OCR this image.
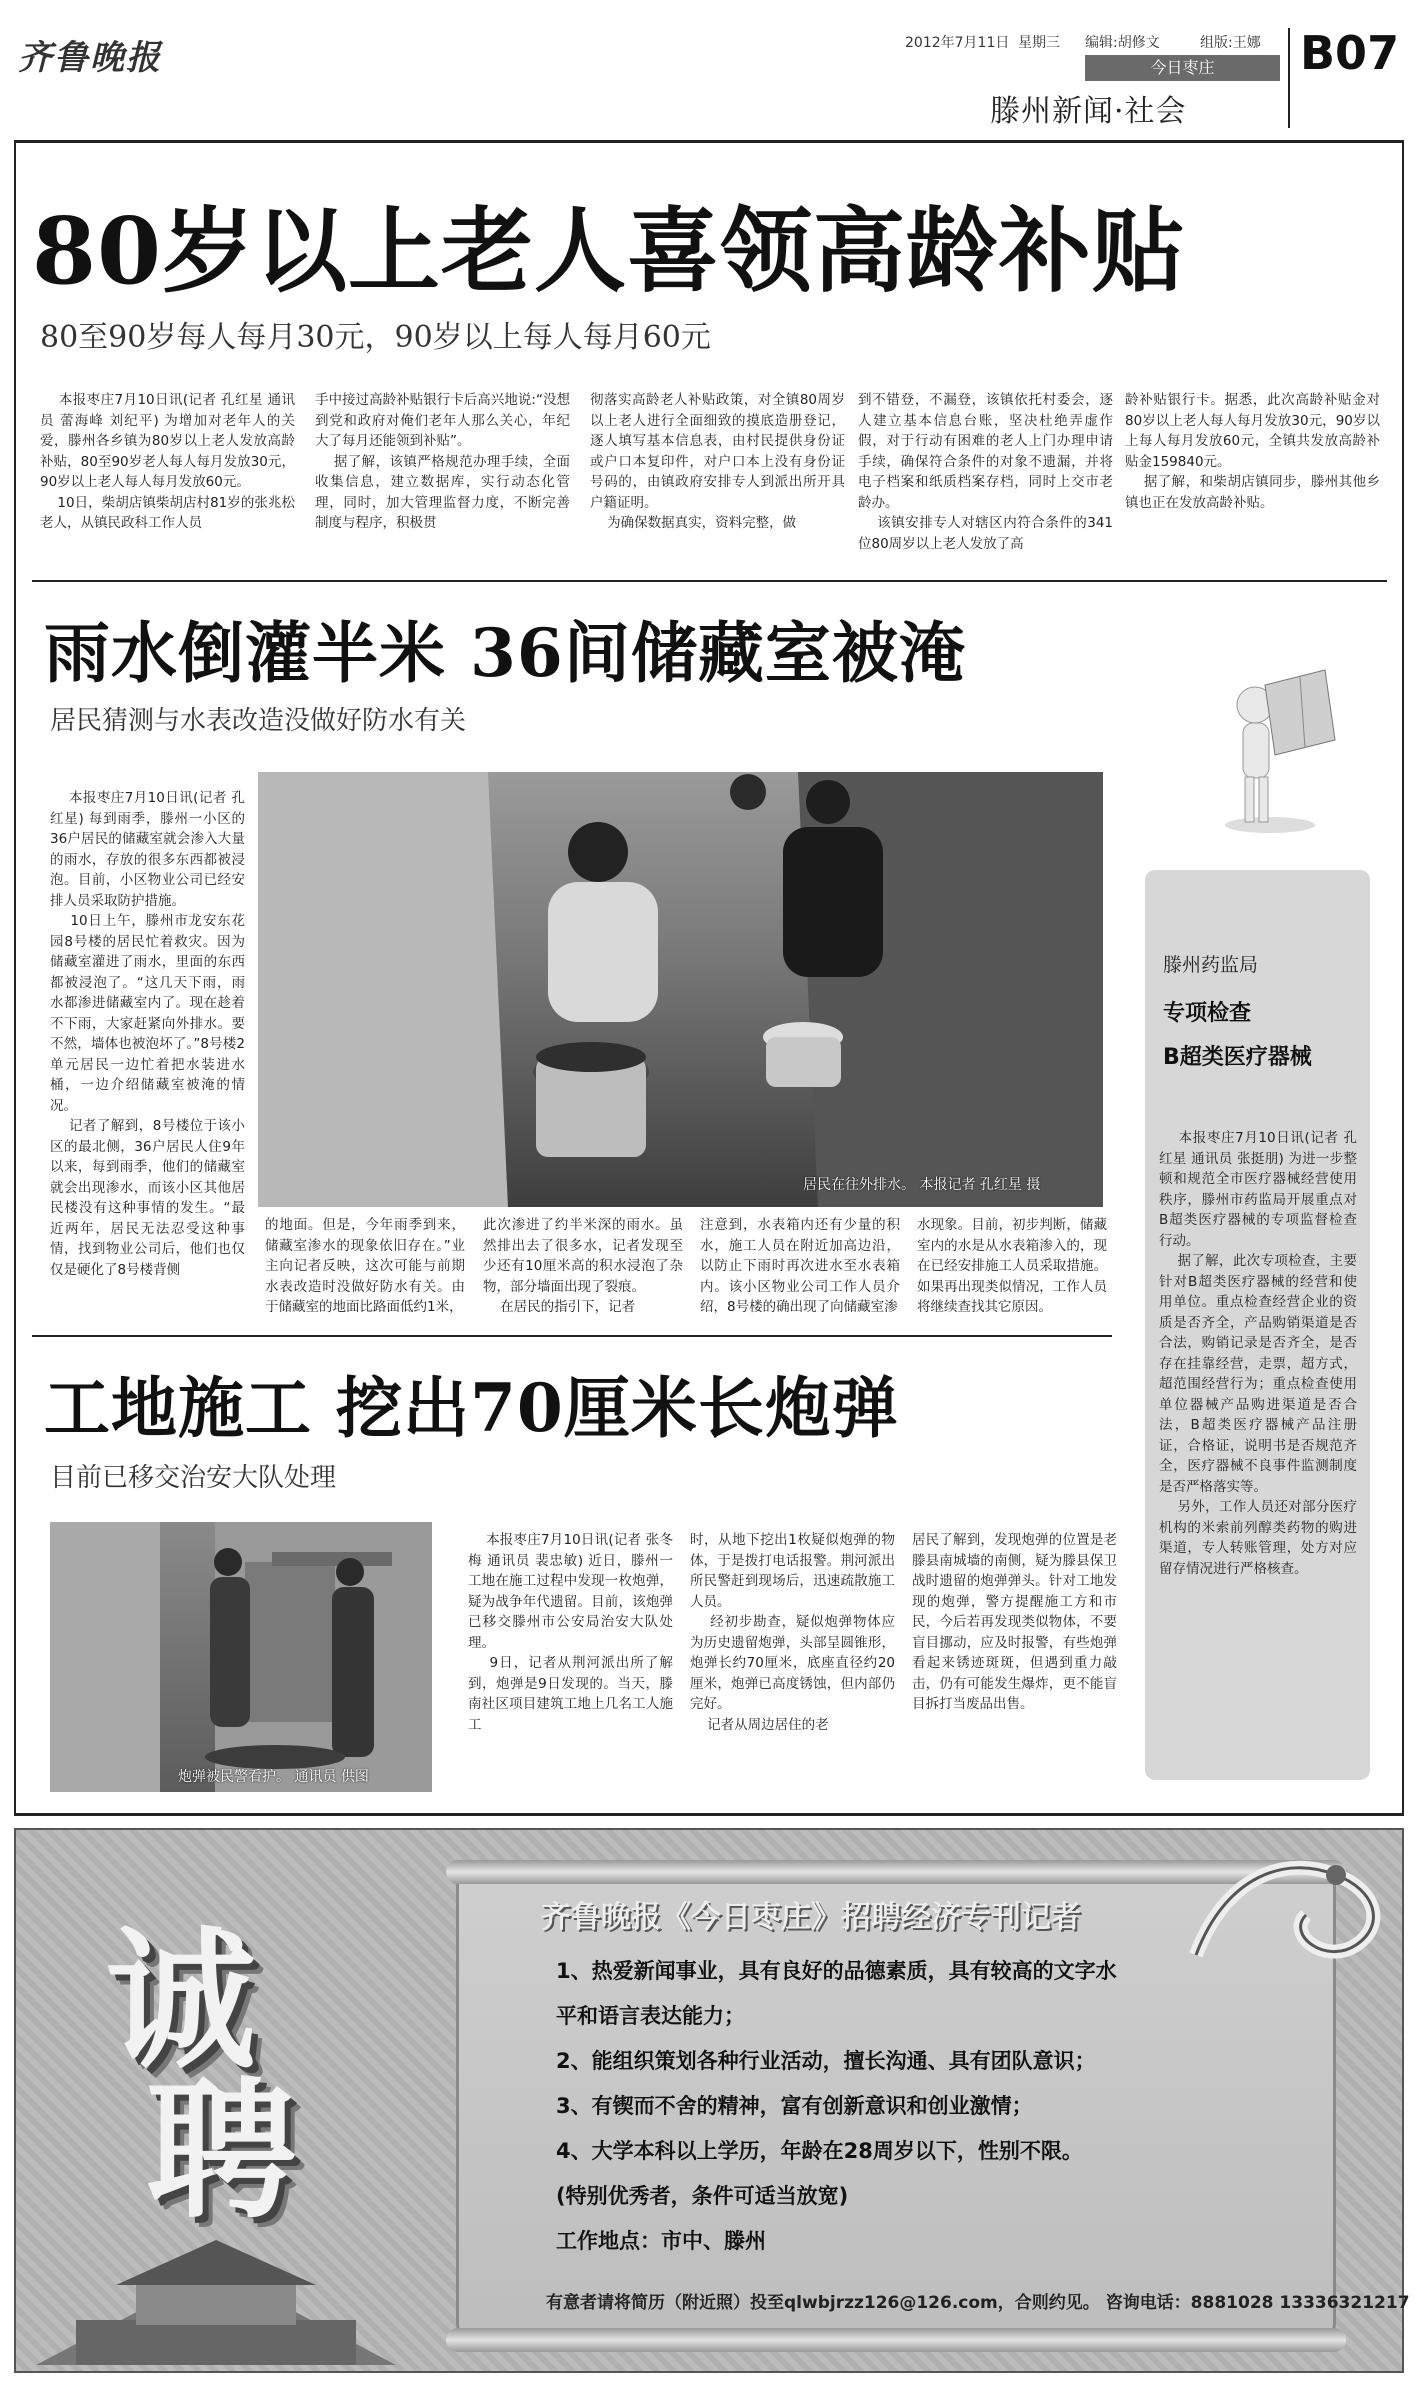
齐鲁晚报	2012年7月11日 星期三 编辑:胡修文	组版:王娜
今日枣庄
滕州新闻·社会
B07
80岁以上老人喜领高龄补贴
80至90岁每人每月30元，90岁以上每人每月60元
本报枣庄7月10日讯(记者 孔红星 通讯员 蕾海峰 刘纪平) 为增加对老年人的关爱，滕州各乡镇为80岁以上老人发放高龄补贴，80至90岁老人每人每月发放30元，90岁以上老人每人每月发放60元。
10日，柴胡店镇柴胡店村81岁的张兆松老人，从镇民政科工作人员
手中接过高龄补贴银行卡后高兴地说:“没想到党和政府对俺们老年人那么关心，年纪大了每月还能领到补贴”。
据了解，该镇严格规范办理手续，全面收集信息，建立数据库，实行动态化管理，同时，加大管理监督力度，不断完善制度与程序，积极贯
彻落实高龄老人补贴政策，对全镇80周岁以上老人进行全面细致的摸底造册登记，逐人填写基本信息表，由村民提供身份证或户口本复印件，对户口本上没有身份证号码的，由镇政府安排专人到派出所开具户籍证明。
为确保数据真实，资料完整，做
到不错登，不漏登，该镇依托村委会，逐人建立基本信息台账，坚决杜绝弄虚作假，对于行动有困难的老人上门办理申请手续，确保符合条件的对象不遗漏，并将电子档案和纸质档案存档，同时上交市老龄办。
该镇安排专人对辖区内符合条件的341位80周岁以上老人发放了高
龄补贴银行卡。据悉，此次高龄补贴金对80岁以上老人每人每月发放30元，90岁以上每人每月发放60元，全镇共发放高龄补贴金159840元。
据了解，和柴胡店镇同步，滕州其他乡镇也正在发放高龄补贴。
雨水倒灌半米 36间储藏室被淹
居民猜测与水表改造没做好防水有关
本报枣庄7月10日讯(记者 孔红星) 每到雨季，滕州一小区的36户居民的储藏室就会渗入大量的雨水，存放的很多东西都被浸泡。目前，小区物业公司已经安排人员采取防护措施。
10日上午，滕州市龙安东花园8号楼的居民忙着救灾。因为储藏室灌进了雨水，里面的东西都被浸泡了。“这几天下雨，雨水都渗进储藏室内了。现在趁着不下雨，大家赶紧向外排水。要不然，墙体也被泡坏了。”8号楼2单元居民一边忙着把水装进水桶，一边介绍储藏室被淹的情况。
记者了解到，8号楼位于该小区的最北侧，36户居民人住9年以来，每到雨季，他们的储藏室就会出现渗水，而该小区其他居民楼没有这种事情的发生。“最近两年，居民无法忍受这种事情，找到物业公司后，他们也仅仅是硬化了8号楼背侧
居民在往外排水。 本报记者 孔红星 摄
的地面。但是，今年雨季到来，储藏室渗水的现象依旧存在。”业主向记者反映，这次可能与前期水表改造时没做好防水有关。由于储藏室的地面比路面低约1米，
此次渗进了约半米深的雨水。虽然排出去了很多水，记者发现至少还有10厘米高的积水浸泡了杂物，部分墙面出现了裂痕。
在居民的指引下，记者
注意到，水表箱内还有少量的积水，施工人员在附近加高边沿，以防止下雨时再次进水至水表箱内。该小区物业公司工作人员介绍，8号楼的确出现了向储藏室渗
水现象。目前，初步判断，储藏室内的水是从水表箱渗入的，现在已经安排施工人员采取措施。如果再出现类似情况，工作人员将继续查找其它原因。
滕州药监局
专项检查
B超类医疗器械
本报枣庄7月10日讯(记者 孔红星 通讯员 张挺朋) 为进一步整顿和规范全市医疗器械经营使用秩序，滕州市药监局开展重点对B超类医疗器械的专项监督检查行动。
据了解，此次专项检查，主要针对B超类医疗器械的经营和使用单位。重点检查经营企业的资质是否齐全，产品购销渠道是否合法，购销记录是否齐全，是否存在挂靠经营，走票，超方式，超范围经营行为；重点检查使用单位器械产品购进渠道是否合法，B超类医疗器械产品注册证，合格证，说明书是否规范齐全，医疗器械不良事件监测制度是否严格落实等。
另外，工作人员还对部分医疗机构的米索前列醇类药物的购进渠道，专人转账管理，处方对应留存情况进行严格核查。
工地施工 挖出70厘米长炮弹
目前已移交治安大队处理
炮弹被民警看护。 通讯员 供图
本报枣庄7月10日讯(记者 张冬梅 通讯员 裴忠敏) 近日，滕州一工地在施工过程中发现一枚炮弹，疑为战争年代遗留。目前，该炮弹已移交滕州市公安局治安大队处理。
9日，记者从荆河派出所了解到，炮弹是9日发现的。当天，滕南社区项目建筑工地上几名工人施工
时，从地下挖出1枚疑似炮弹的物体，于是拨打电话报警。荆河派出所民警赶到现场后，迅速疏散施工人员。
经初步勘查，疑似炮弹物体应为历史遗留炮弹，头部呈圆锥形，炮弹长约70厘米，底座直径约20厘米，炮弹已高度锈蚀，但内部仍完好。
记者从周边居住的老
居民了解到，发现炮弹的位置是老滕县南城墙的南侧，疑为滕县保卫战时遗留的炮弹弹头。针对工地发现的炮弹，警方提醒施工方和市民，今后若再发现类似物体，不要盲目挪动，应及时报警，有些炮弹看起来锈迹斑斑，但遇到重力敲击，仍有可能发生爆炸，更不能盲目拆打当废品出售。
诚
聘
齐鲁晚报《今日枣庄》招聘经济专刊记者
1、热爱新闻事业，具有良好的品德素质，具有较高的文字水
平和语言表达能力；
2、能组织策划各种行业活动，擅长沟通、具有团队意识；
3、有锲而不舍的精神，富有创新意识和创业激情；
4、大学本科以上学历，年龄在28周岁以下，性别不限。
(特别优秀者，条件可适当放宽)
工作地点：市中、滕州
有意者请将简历（附近照）投至qlwbjrzz126@126.com，合则约见。 咨询电话：8881028 13336321217
